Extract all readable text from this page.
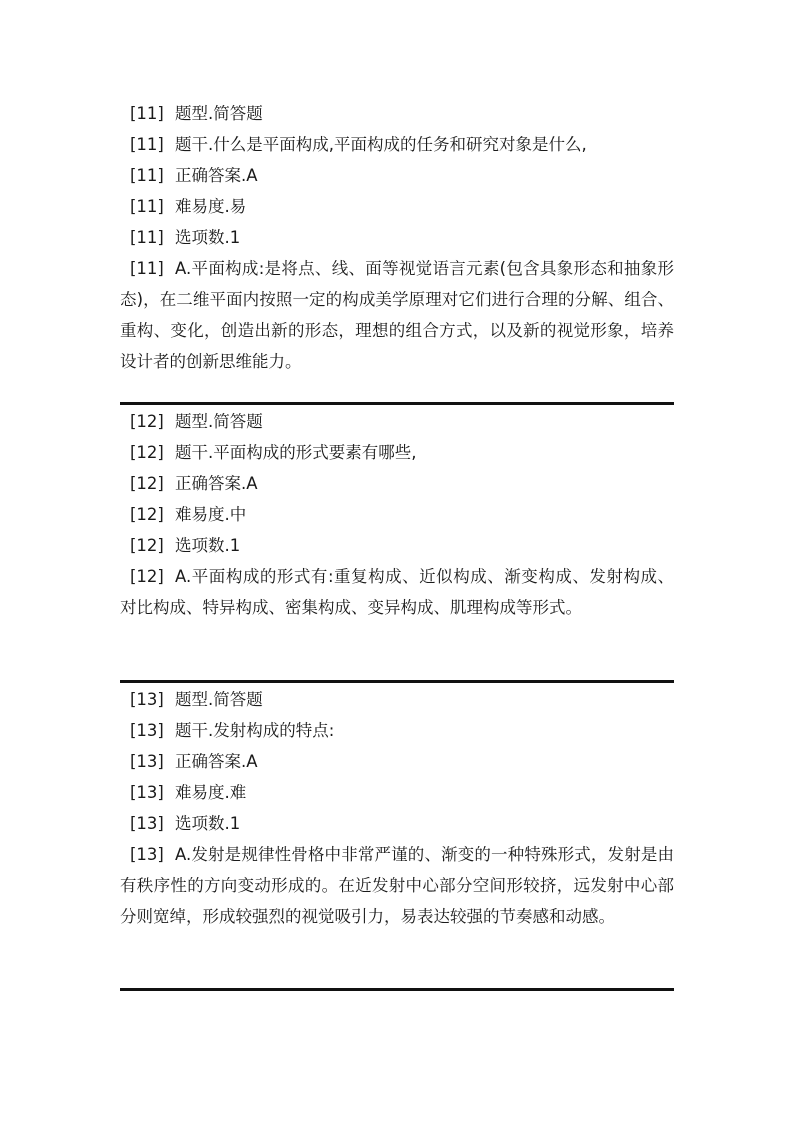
[11] 题型.简答题
[11] 题干.什么是平面构成,平面构成的任务和研究对象是什么,
[11] 正确答案.A
[11] 难易度.易
[11] 选项数.1
[11] A.平面构成:是将点、线、面等视觉语言元素(包含具象形态和抽象形态)，在二维平面内按照一定的构成美学原理对它们进行合理的分解、组合、重构、变化，创造出新的形态，理想的组合方式，以及新的视觉形象，培养设计者的创新思维能力。
[12] 题型.简答题
[12] 题干.平面构成的形式要素有哪些,
[12] 正确答案.A
[12] 难易度.中
[12] 选项数.1
[12] A.平面构成的形式有:重复构成、近似构成、渐变构成、发射构成、对比构成、特异构成、密集构成、变异构成、肌理构成等形式。
[13] 题型.简答题
[13] 题干.发射构成的特点:
[13] 正确答案.A
[13] 难易度.难
[13] 选项数.1
[13] A.发射是规律性骨格中非常严谨的、渐变的一种特殊形式，发射是由有秩序性的方向变动形成的。在近发射中心部分空间形较挤，远发射中心部分则宽绰，形成较强烈的视觉吸引力，易表达较强的节奏感和动感。
